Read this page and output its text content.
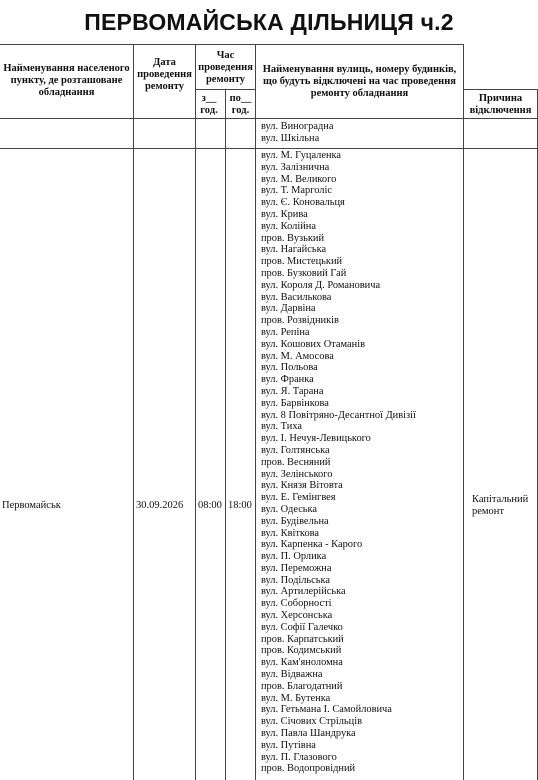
ПЕРВОМАЙСЬКА ДІЛЬНИЦЯ ч.2
Найменування населеного пункту, де розташоване обладнання
Дата проведення ремонту
Час проведення ремонту
з__ год.
по__ год.
Найменування вулиць, номеру будинків, що будуть відключені на час проведення ремонту обладнання	Причина відключення
вул. Виноградна
вул. Шкільна
Первомайськ	30.09.2026 08:00 18:00
Капітальний ремонт
вул. М. Гуцаленка
вул. Залізнична
вул. М. Великого
вул. Т. Марголіс
вул. Є. Коновальця
вул. Крива
вул. Колійна
пров. Вузький
вул. Нагайська
пров. Мистецький
пров. Бузковий Гай
вул. Короля Д. Романовича
вул. Василькова
вул. Дарвіна
пров. Розвідників
вул. Репіна
вул. Кошових Отаманів
вул. М. Амосова
вул. Польова
вул. Франка
вул. Я. Тарана
вул. Барвінкова
вул. 8 Повітряно-Десантної Дивізії
вул. Тиха
вул. І. Нечуя-Левицького
вул. Голтянська
пров. Весняний
вул. Зелінського
вул. Князя Вітовта
вул. Е. Гемінгвея
вул. Одеська
вул. Будівельна
вул. Квіткова
вул. Карпенка - Карого
вул. П. Орлика
вул. Переможна
вул. Подільська
вул. Артилерійська
вул. Соборності
вул. Херсонська
вул. Софії Галечко
пров. Карпатський
пров. Кодимський
вул. Кам'яноломна
вул. Відважна
пров. Благодатний
вул. М. Бутенка
вул. Гетьмана І. Самойловича
вул. Січових Стрільців
вул. Павла Шандрука
вул. Путівна
вул. П. Глазового
пров. Водопровідний
